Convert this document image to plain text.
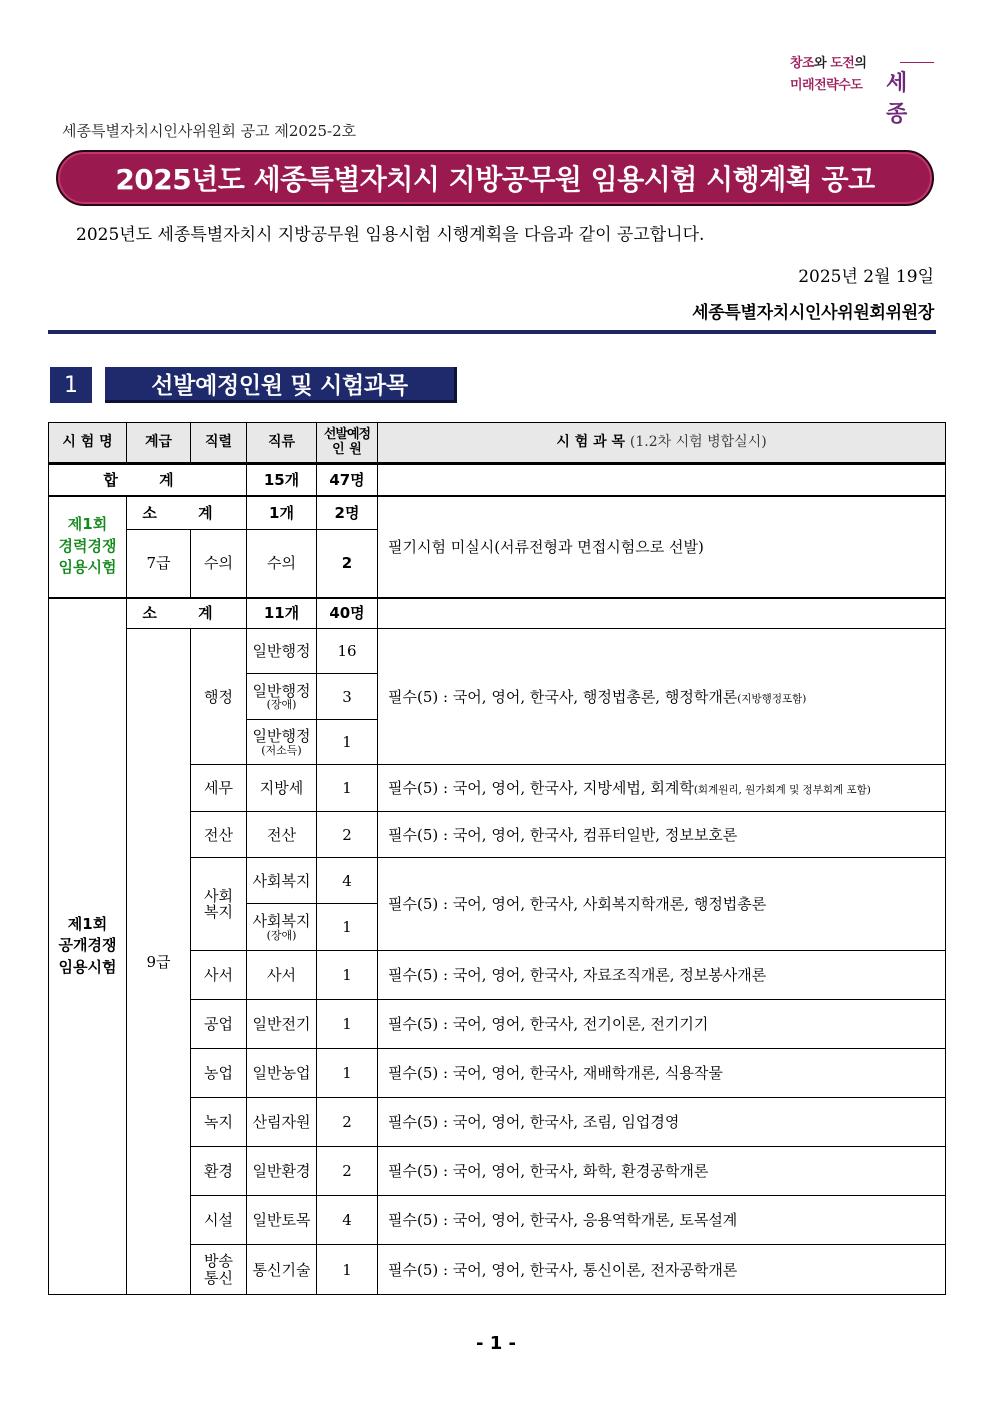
창조와 도전의
미래전략수도 세종
세종특별자치시인사위원회 공고 제2025-2호
2025년도 세종특별자치시 지방공무원 임용시험 시행계획 공고
2025년도 세종특별자치시 지방공무원 임용시험 시행계획을 다음과 같이 공고합니다.
2025년 2월 19일
세종특별자치시인사위원회위원장
1	선발예정인원 및 시험과목
시 험 명	계급	직렬	직류	선발예정
인 원	시 험 과 목 (1.2차 시험 병합실시)
합 계			15개	47명	

제1회
경력경쟁
임용시험	소 계		1개	2명	필기시험 미실시(서류전형과 면접시험으로 선발)
	7급	수의	수의	2	

제1회
공개경쟁
임용시험	소 계		11개	40명	
	9급	행정	일반행정	16	필수(5) : 국어, 영어, 한국사, 행정법총론, 행정학개론(지방행정포함)

			일반행정
(장애)	3	

			일반행정
(저소득)	1	
		세무	지방세	1	필수(5) : 국어, 영어, 한국사, 지방세법, 회계학(회계원리, 원가회계 및 정부회계 포함)
		전산	전산	2	필수(5) : 국어, 영어, 한국사, 컴퓨터일반, 정보보호론

		사회
복지	사회복지	4	필수(5) : 국어, 영어, 한국사, 사회복지학개론, 행정법총론

			사회복지
(장애)	1	
		사서	사서	1	필수(5) : 국어, 영어, 한국사, 자료조직개론, 정보봉사개론
		공업	일반전기	1	필수(5) : 국어, 영어, 한국사, 전기이론, 전기기기
		농업	일반농업	1	필수(5) : 국어, 영어, 한국사, 재배학개론, 식용작물
		녹지	산림자원	2	필수(5) : 국어, 영어, 한국사, 조림, 임업경영
		환경	일반환경	2	필수(5) : 국어, 영어, 한국사, 화학, 환경공학개론
		시설	일반토목	4	필수(5) : 국어, 영어, 한국사, 응용역학개론, 토목설계

		방송
통신	통신기술	1	필수(5) : 국어, 영어, 한국사, 통신이론, 전자공학개론
- 1 -
